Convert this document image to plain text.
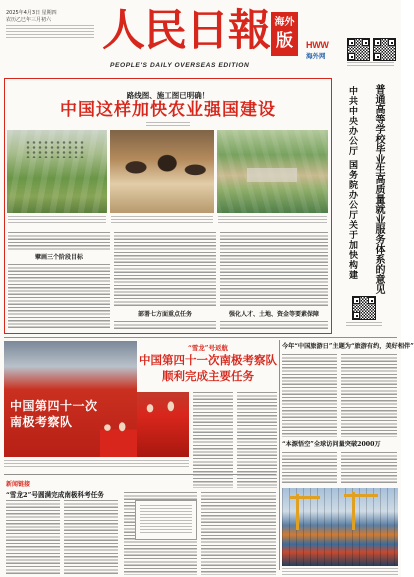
2025年4月3日 星期四
农历乙巳年三月初六 人民日報 海外
版
PEOPLE'S DAILY OVERSEAS EDITION
HWW
海外网
路线图、施工图已明确！
中国这样加快农业强国建设
擘画三个阶段目标
部署七方面重点任务	强化人才、土地、资金等要素保障
普通高等学校毕业生高质量就业服务体系的意见
中共中央办公厅 国务院办公厅关于加快构建
“雪龙”号返航
中国第四十一次南极考察队
顺利完成主要任务
中国第四十一次
南极考察队
今年“中国旅游日”主题为“旅游有约，美好相伴”
“本源悟空”全球访问量突破2000万
新闻链接
“雪龙2”号圆满完成南极科考任务
